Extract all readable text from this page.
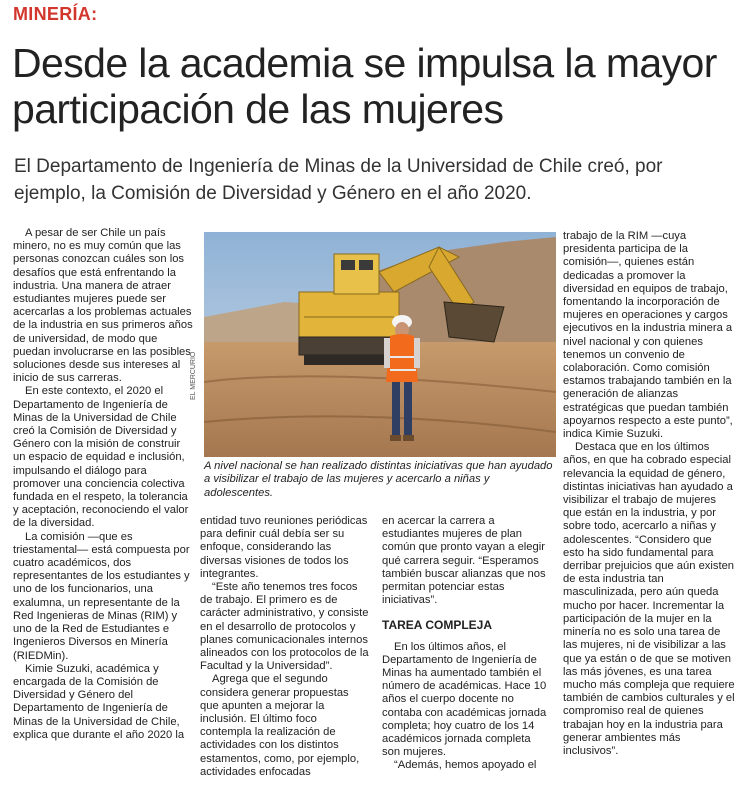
MINERÍA:
Desde la academia se impulsa la mayor participación de las mujeres
El Departamento de Ingeniería de Minas de la Universidad de Chile creó, por ejemplo, la Comisión de Diversidad y Género en el año 2020.

A pesar de ser Chile un país minero, no es muy común que las personas conozcan cuáles son los desafíos que está enfrentando la industria. Una manera de atraer estudiantes mujeres puede ser acercarlas a los problemas actuales de la industria en sus primeros años de universidad, de modo que puedan involucrarse en las posibles soluciones desde sus intereses al inicio de sus carreras.

En este contexto, el 2020 el Departamento de Ingeniería de Minas de la Universidad de Chile creó la Comisión de Diversidad y Género con la misión de construir un espacio de equidad e inclusión, impulsando el diálogo para promover una conciencia colectiva fundada en el respeto, la tolerancia y aceptación, reconociendo el valor de la diversidad.

La comisión —que es triestamental— está compuesta por cuatro académicos, dos representantes de los estudiantes y uno de los funcionarios, una exalumna, un representante de la Red Ingenieras de Minas (RIM) y uno de la Red de Estudiantes e Ingenieros Diversos en Minería (RIEDMin).

Kimie Suzuki, académica y encargada de la Comisión de Diversidad y Género del Departamento de Ingeniería de Minas de la Universidad de Chile, explica que durante el año 2020 la

EL MERCURIO
A nivel nacional se han realizado distintas iniciativas que han ayudado a visibilizar el trabajo de las mujeres y acercarlo a niñas y adolescentes.

entidad tuvo reuniones periódicas para definir cuál debía ser su enfoque, considerando las diversas visiones de todos los integrantes.

“Este año tenemos tres focos de trabajo. El primero es de carácter administrativo, y consiste en el desarrollo de protocolos y planes comunicacionales internos alineados con los protocolos de la Facultad y la Universidad”.

Agrega que el segundo considera generar propuestas que apunten a mejorar la inclusión. El último foco contempla la realización de actividades con los distintos estamentos, como, por ejemplo, actividades enfocadas

en acercar la carrera a estudiantes mujeres de plan común que pronto vayan a elegir qué carrera seguir. “Esperamos también buscar alianzas que nos permitan potenciar estas iniciativas”.

TAREA COMPLEJA

En los últimos años, el Departamento de Ingeniería de Minas ha aumentado también el número de académicas. Hace 10 años el cuerpo docente no contaba con académicas jornada completa; hoy cuatro de los 14 académicos jornada completa son mujeres.

“Además, hemos apoyado el

trabajo de la RIM —cuya presidenta participa de la comisión—, quienes están dedicadas a promover la diversidad en equipos de trabajo, fomentando la incorporación de mujeres en operaciones y cargos ejecutivos en la industria minera a nivel nacional y con quienes tenemos un convenio de colaboración. Como comisión estamos trabajando también en la generación de alianzas estratégicas que puedan también apoyarnos respecto a este punto”, indica Kimie Suzuki.

Destaca que en los últimos años, en que ha cobrado especial relevancia la equidad de género, distintas iniciativas han ayudado a visibilizar el trabajo de mujeres que están en la industria, y por sobre todo, acercarlo a niñas y adolescentes. “Considero que esto ha sido fundamental para derribar prejuicios que aún existen de esta industria tan masculinizada, pero aún queda mucho por hacer. Incrementar la participación de la mujer en la minería no es solo una tarea de las mujeres, ni de visibilizar a las que ya están o de que se motiven las más jóvenes, es una tarea mucho más compleja que requiere también de cambios culturales y el compromiso real de quienes trabajan hoy en la industria para generar ambientes más inclusivos”.
